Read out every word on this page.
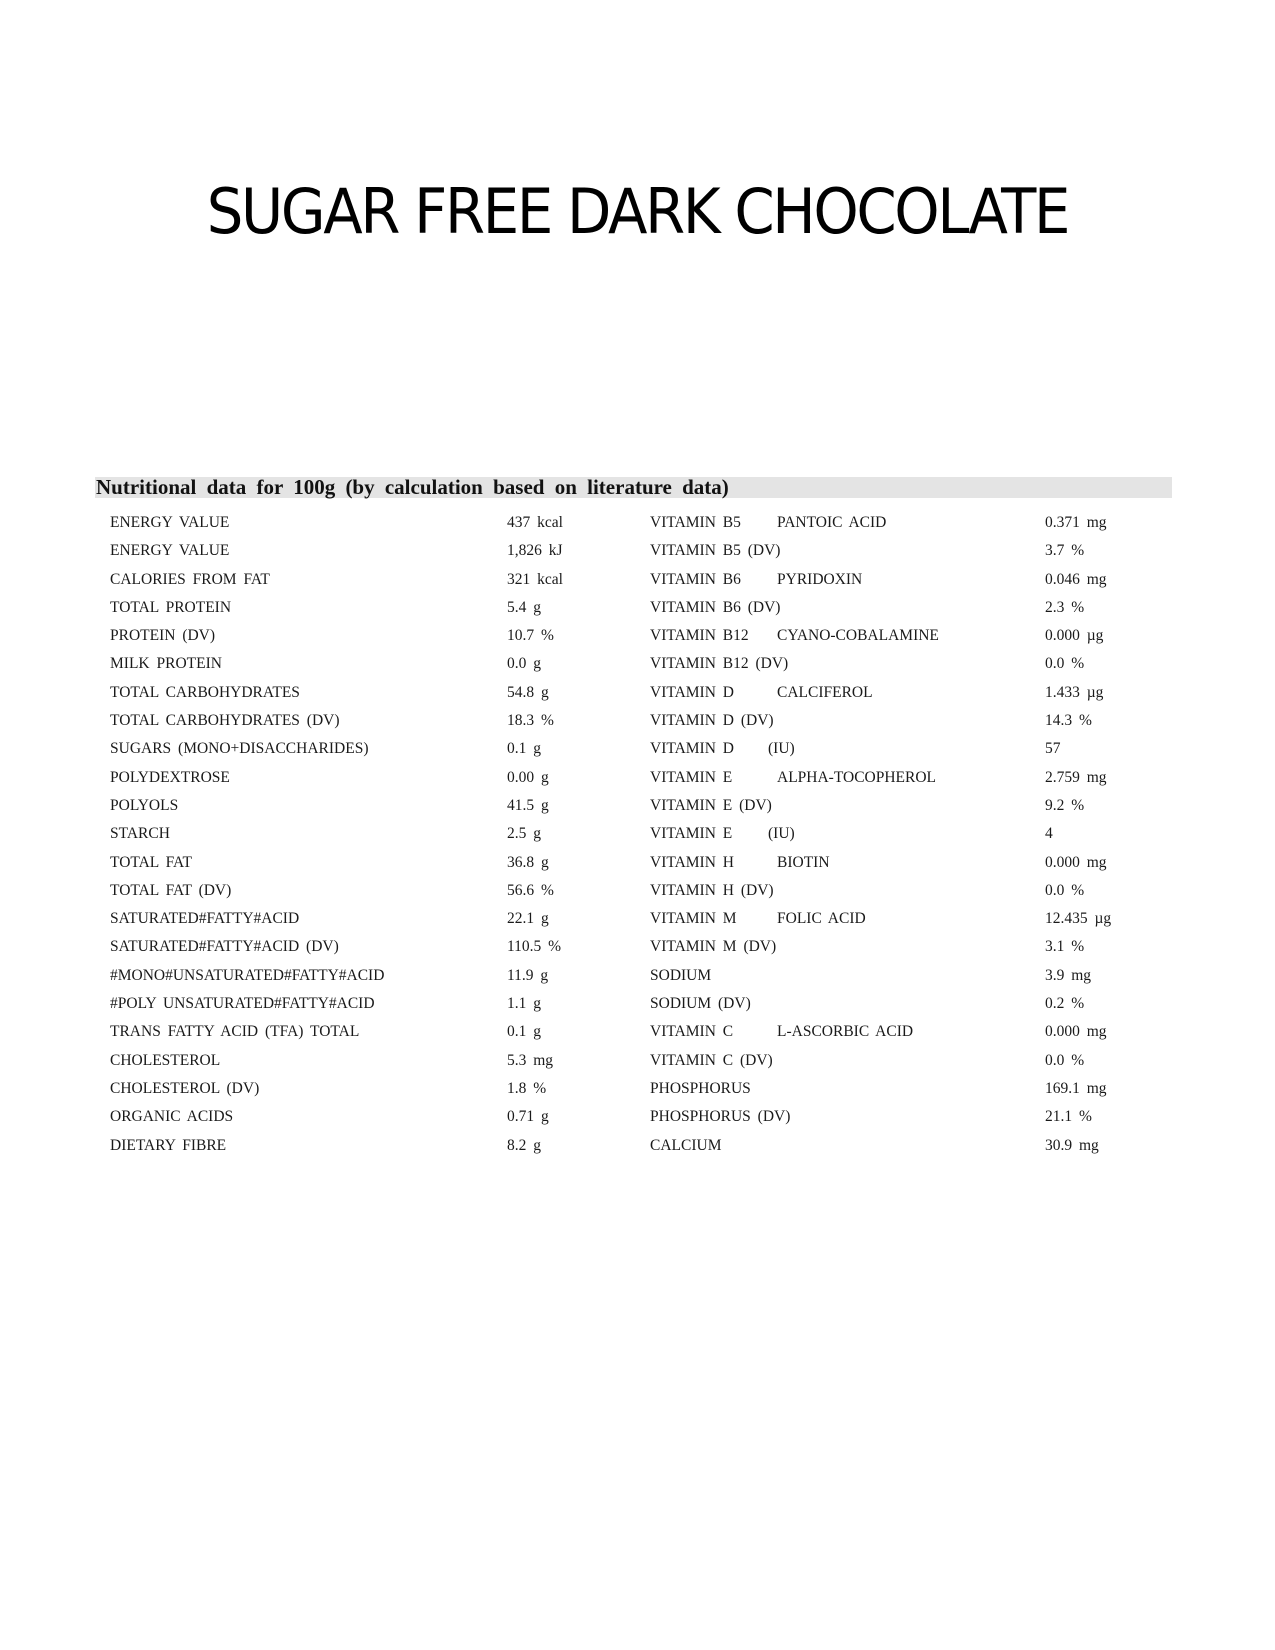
SUGAR FREE DARK CHOCOLATE
Nutritional data for 100g (by calculation based on literature data)
ENERGY VALUE	437 kcal	VITAMIN B5 PANTOIC ACID	0.371 mg
ENERGY VALUE	1,826 kJ	VITAMIN B5 (DV)	3.7 %
CALORIES FROM FAT	321 kcal	VITAMIN B6 PYRIDOXIN	0.046 mg
TOTAL PROTEIN	5.4 g	VITAMIN B6 (DV)	2.3 %
PROTEIN (DV)	10.7 %	VITAMIN B12 CYANO-COBALAMINE	0.000 µg
MILK PROTEIN	0.0 g	VITAMIN B12 (DV)	0.0 %
TOTAL CARBOHYDRATES	54.8 g	VITAMIN D	CALCIFEROL	1.433 µg
TOTAL CARBOHYDRATES (DV)	18.3 %	VITAMIN D (DV)	14.3 %
SUGARS (MONO+DISACCHARIDES)	0.1 g	VITAMIN D (IU)	57
POLYDEXTROSE	0.00 g	VITAMIN E	ALPHA-TOCOPHEROL	2.759 mg
POLYOLS	41.5 g	VITAMIN E (DV)	9.2 %
STARCH	2.5 g	VITAMIN E (IU)	4
TOTAL FAT	36.8 g	VITAMIN H	BIOTIN	0.000 mg
TOTAL FAT (DV)	56.6 %	VITAMIN H (DV)	0.0 %
SATURATED#FATTY#ACID	22.1 g	VITAMIN M	FOLIC ACID	12.435 µg
SATURATED#FATTY#ACID (DV)	110.5 %	VITAMIN M (DV)	3.1 %
#MONO#UNSATURATED#FATTY#ACID	11.9 g	SODIUM	3.9 mg
#POLY UNSATURATED#FATTY#ACID	1.1 g	SODIUM (DV)	0.2 %
TRANS FATTY ACID (TFA) TOTAL	0.1 g	VITAMIN C	L-ASCORBIC ACID	0.000 mg
CHOLESTEROL	5.3 mg	VITAMIN C (DV)	0.0 %
CHOLESTEROL (DV)	1.8 %	PHOSPHORUS	169.1 mg
ORGANIC ACIDS	0.71 g	PHOSPHORUS (DV)	21.1 %
DIETARY FIBRE	8.2 g	CALCIUM	30.9 mg
